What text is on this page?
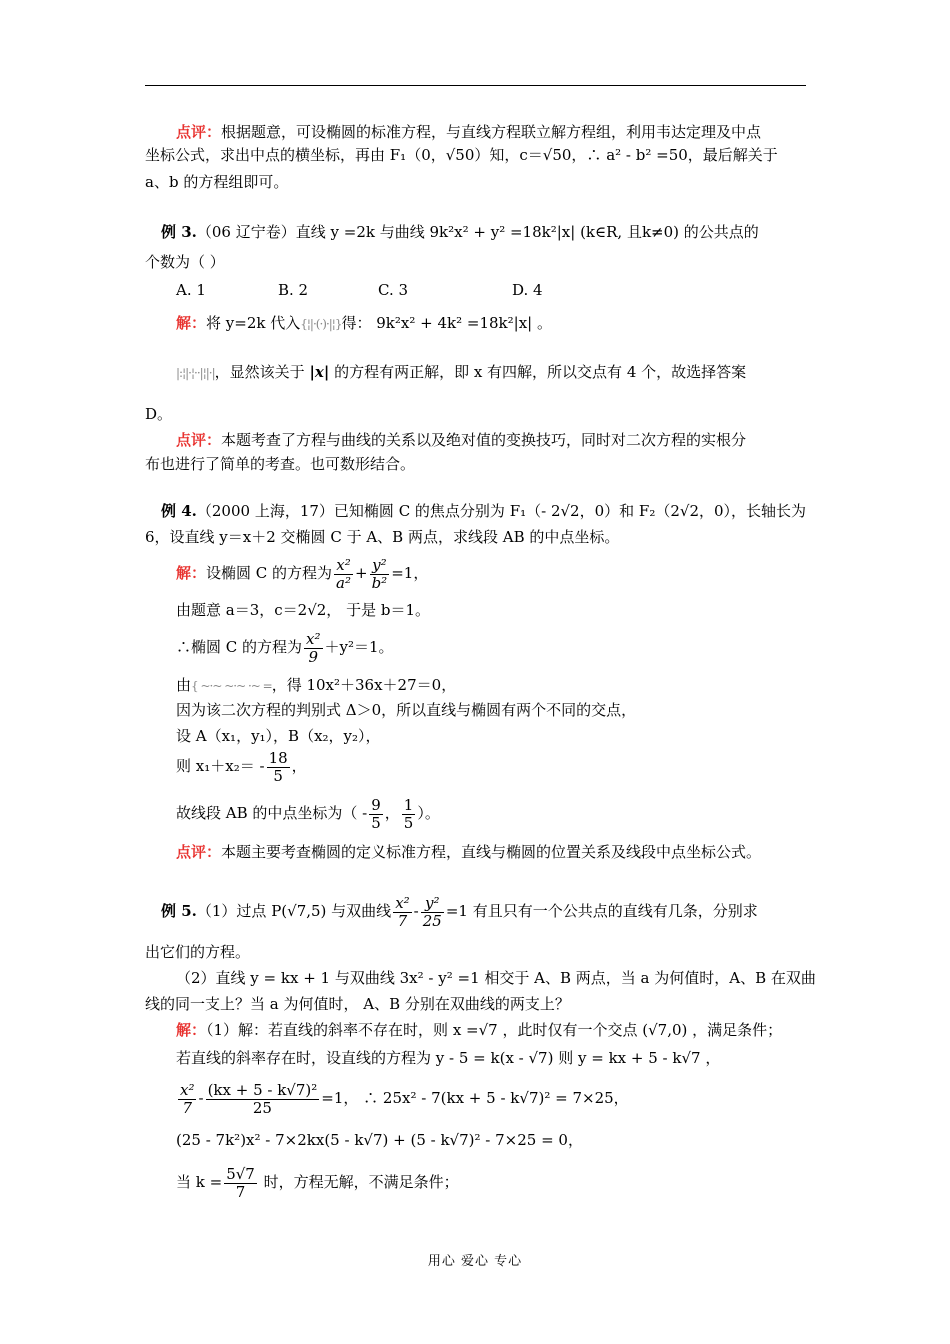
点评：根据题意，可设椭圆的标准方程，与直线方程联立解方程组，利用韦达定理及中点
坐标公式，求出中点的横坐标，再由 F₁（0，√50）知，c＝√50，∴ a² - b² =50，最后解关于
a、b 的方程组即可。
例 3.（06 辽宁卷）直线 y =2k 与曲线 9k²x² + y² =18k²|x| (k∈R, 且k≠0) 的公共点的
个数为（ ）
A. 1	B. 2	C. 3	D. 4
解：将 y=2k 代入{¦|·(·)·|¦}得： 9k²x² + 4k² =18k²|x| 。
|:¦|·¦··|¦|·|，显然该关于 |x| 的方程有两正解，即 x 有四解，所以交点有 4 个，故选择答案
D。
点评：本题考查了方程与曲线的关系以及绝对值的变换技巧，同时对二次方程的实根分
布也进行了简单的考查。也可数形结合。
例 4.（2000 上海，17）已知椭圆 C 的焦点分别为 F₁（- 2√2，0）和 F₂（2√2，0），长轴长为
6，设直线 y＝x＋2 交椭圆 C 于 A、B 两点，求线段 AB 的中点坐标。
解：设椭圆 C 的方程为 $\frac{\text{x²}}{\text{a²}} + \frac{\text{y²}}{\text{b²}} =1$，
由题意 a＝3，c＝2√2， 于是 b＝1。
∴椭圆 C 的方程为 $\frac{\text{x²}}{9} +y^2=1$。
由{ ~·~ ~·~ ·~ =，得 10x²＋36x＋27＝0，
因为该二次方程的判别式 Δ＞0，所以直线与椭圆有两个不同的交点，
设 A（x₁，y₁），B（x₂，y₂），
则 $x_1+x_2= - \frac{18}{5}$ ，
故线段 AB 的中点坐标为（ - $\frac{9}{5}$ ， $\frac{1}{5}$ ）。
点评：本题主要考查椭圆的定义标准方程，直线与椭圆的位置关系及线段中点坐标公式。
例 5.（1）过点 P(√7,5) 与双曲线 $\frac{\text{x²}}{7} - \frac{\text{y²}}{25} =1$ 有且只有一个公共点的直线有几条，分别求
出它们的方程。
（2）直线 y = kx + 1 与双曲线 3x² - y² =1 相交于 A、B 两点，当 a 为何值时，A、B 在双曲
线的同一支上？当 a 为何值时， A、B 分别在双曲线的两支上？
解：（1）解：若直线的斜率不存在时，则 x =√7 ，此时仅有一个交点 (√7,0) ，满足条件；
若直线的斜率存在时，设直线的方程为 y - 5 = k(x - √7) 则 y = kx + 5 - k√7 ，
$\frac{\text{x²}}{7} - \frac{\text{(kx + 5 - k√7)²}}{25} =1$， ∴ 25x² - 7(kx + 5 - k√7)² = 7×25，
(25 - 7k²)x² - 7×2kx(5 - k√7) + (5 - k√7)² - 7×25 = 0，
当 $k = \frac{5√7}{7}$ 时，方程无解，不满足条件；
用心 爱心 专心
